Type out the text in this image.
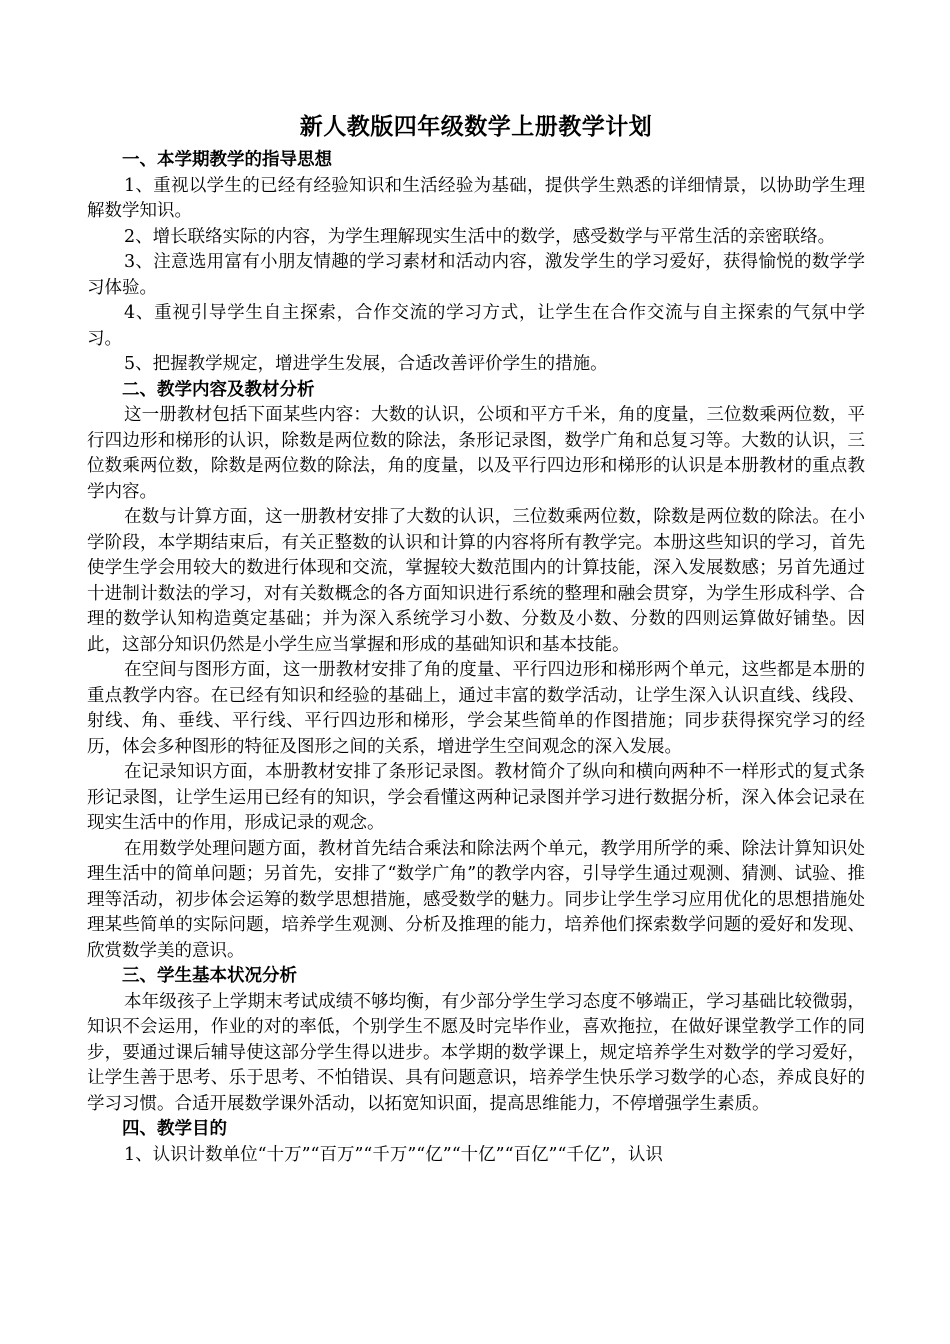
新人教版四年级数学上册教学计划
一、本学期教学的指导思想

1、重视以学生的已经有经验知识和生活经验为基础，提供学生熟悉的详细情景，以协助学生理解数学知识。

2、增长联络实际的内容，为学生理解现实生活中的数学，感受数学与平常生活的亲密联络。

3、注意选用富有小朋友情趣的学习素材和活动内容，激发学生的学习爱好，获得愉悦的数学学习体验。

4、重视引导学生自主探索，合作交流的学习方式，让学生在合作交流与自主探索的气氛中学习。

5、把握教学规定，增进学生发展，合适改善评价学生的措施。

二、教学内容及教材分析

这一册教材包括下面某些内容：大数的认识，公顷和平方千米，角的度量，三位数乘两位数，平行四边形和梯形的认识，除数是两位数的除法，条形记录图，数学广角和总复习等。大数的认识，三位数乘两位数，除数是两位数的除法，角的度量，以及平行四边形和梯形的认识是本册教材的重点教学内容。

在数与计算方面，这一册教材安排了大数的认识，三位数乘两位数，除数是两位数的除法。在小学阶段，本学期结束后，有关正整数的认识和计算的内容将所有教学完。本册这些知识的学习，首先使学生学会用较大的数进行体现和交流，掌握较大数范围内的计算技能，深入发展数感；另首先通过十进制计数法的学习，对有关数概念的各方面知识进行系统的整理和融会贯穿，为学生形成科学、合理的数学认知构造奠定基础；并为深入系统学习小数、分数及小数、分数的四则运算做好铺垫。因此，这部分知识仍然是小学生应当掌握和形成的基础知识和基本技能。

在空间与图形方面，这一册教材安排了角的度量、平行四边形和梯形两个单元，这些都是本册的重点教学内容。在已经有知识和经验的基础上，通过丰富的数学活动，让学生深入认识直线、线段、射线、角、垂线、平行线、平行四边形和梯形，学会某些简单的作图措施；同步获得探究学习的经历，体会多种图形的特征及图形之间的关系，增进学生空间观念的深入发展。

在记录知识方面，本册教材安排了条形记录图。教材简介了纵向和横向两种不一样形式的复式条形记录图，让学生运用已经有的知识，学会看懂这两种记录图并学习进行数据分析，深入体会记录在现实生活中的作用，形成记录的观念。

在用数学处理问题方面，教材首先结合乘法和除法两个单元，教学用所学的乘、除法计算知识处理生活中的简单问题；另首先，安排了“数学广角”的教学内容，引导学生通过观测、猜测、试验、推理等活动，初步体会运筹的数学思想措施，感受数学的魅力。同步让学生学习应用优化的思想措施处理某些简单的实际问题，培养学生观测、分析及推理的能力，培养他们探索数学问题的爱好和发现、欣赏数学美的意识。

三、学生基本状况分析

本年级孩子上学期末考试成绩不够均衡，有少部分学生学习态度不够端正，学习基础比较微弱，知识不会运用，作业的对的率低，个别学生不愿及时完毕作业，喜欢拖拉，在做好课堂教学工作的同步，要通过课后辅导使这部分学生得以进步。本学期的数学课上，规定培养学生对数学的学习爱好，让学生善于思考、乐于思考、不怕错误、具有问题意识，培养学生快乐学习数学的心态，养成良好的学习习惯。合适开展数学课外活动，以拓宽知识面，提高思维能力，不停增强学生素质。

四、教学目的

1、认识计数单位“十万”“百万”“千万”“亿”“十亿”“百亿”“千亿”，认识
